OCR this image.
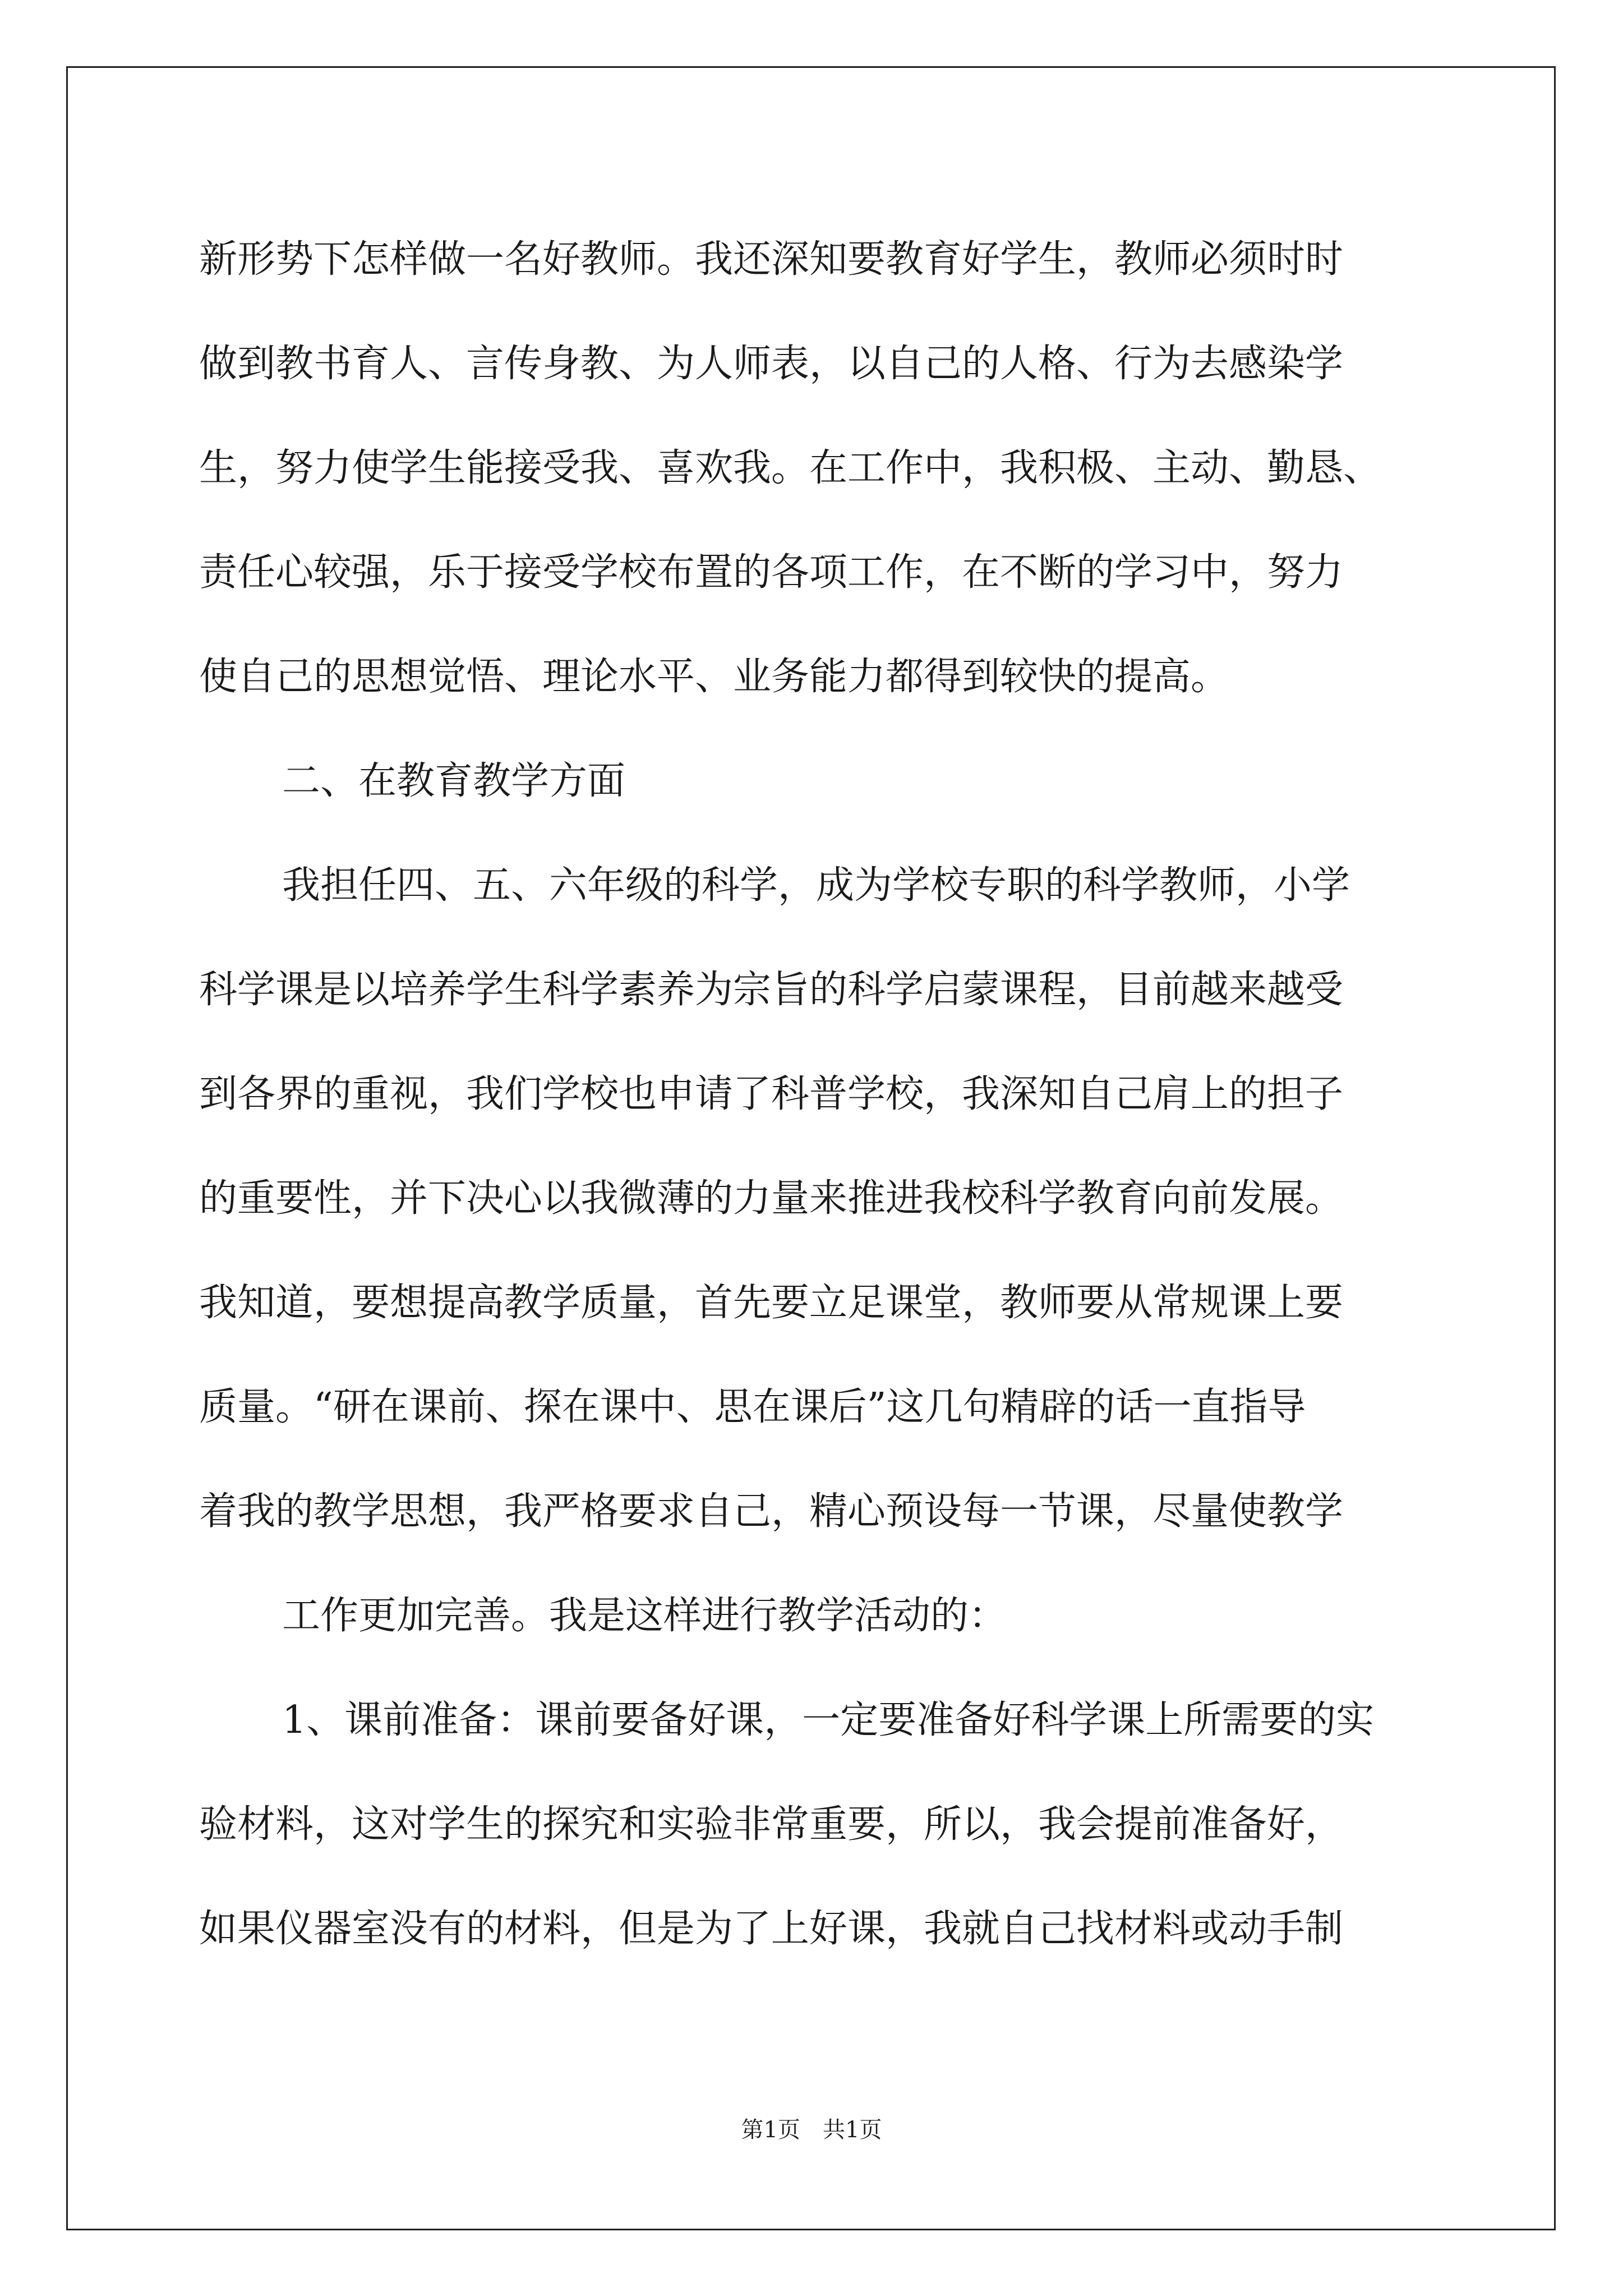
新形势下怎样做一名好教师。我还深知要教育好学生，教师必须时时
做到教书育人、言传身教、为人师表，以自己的人格、行为去感染学
生，努力使学生能接受我、喜欢我。在工作中，我积极、主动、勤恳、
责任心较强，乐于接受学校布置的各项工作，在不断的学习中，努力
使自己的思想觉悟、理论水平、业务能力都得到较快的提高。
二、在教育教学方面
我担任四、五、六年级的科学，成为学校专职的科学教师，小学
科学课是以培养学生科学素养为宗旨的科学启蒙课程，目前越来越受
到各界的重视，我们学校也申请了科普学校，我深知自己肩上的担子
的重要性，并下决心以我微薄的力量来推进我校科学教育向前发展。
我知道，要想提高教学质量，首先要立足课堂，教师要从常规课上要
质量。“研在课前、探在课中、思在课后”这几句精辟的话一直指导
着我的教学思想，我严格要求自己，精心预设每一节课，尽量使教学
工作更加完善。我是这样进行教学活动的：
1、课前准备：课前要备好课，一定要准备好科学课上所需要的实
验材料，这对学生的探究和实验非常重要，所以，我会提前准备好，
如果仪器室没有的材料，但是为了上好课，我就自己找材料或动手制
第1页 共1页
